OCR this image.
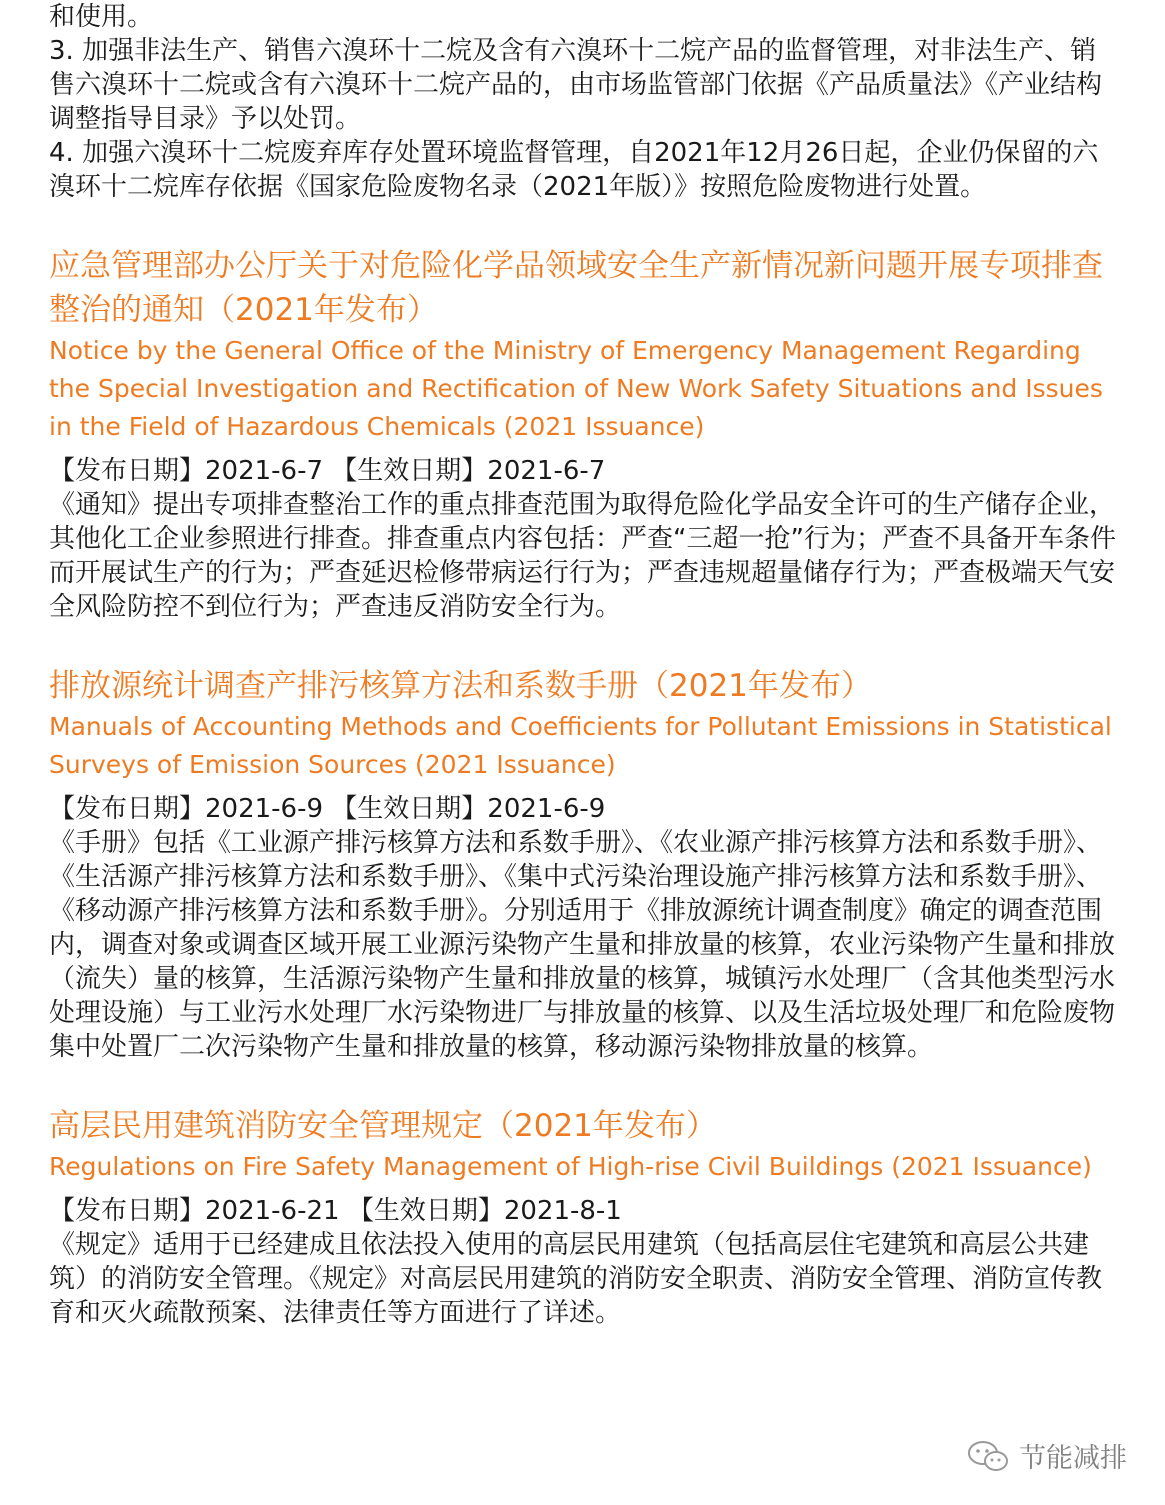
和使用。

3. 加强非法生产、销售六溴环十二烷及含有六溴环十二烷产品的监督管理，对非法生产、销售六溴环十二烷或含有六溴环十二烷产品的，由市场监管部门依据《产品质量法》《产业结构调整指导目录》予以处罚。

4. 加强六溴环十二烷废弃库存处置环境监督管理，自2021年12月26日起，企业仍保留的六溴环十二烷库存依据《国家危险废物名录（2021年版）》按照危险废物进行处置。

应急管理部办公厅关于对危险化学品领域安全生产新情况新问题开展专项排查整治的通知（2021年发布）
Notice by the General Office of the Ministry of Emergency Management Regarding the Special Investigation and Rectification of New Work Safety Situations and Issues in the Field of Hazardous Chemicals (2021 Issuance)

【发布日期】2021-6-7 【生效日期】2021-6-7

《通知》提出专项排查整治工作的重点排查范围为取得危险化学品安全许可的生产储存企业，其他化工企业参照进行排查。排查重点内容包括：严查“三超一抢”行为；严查不具备开车条件而开展试生产的行为；严查延迟检修带病运行行为；严查违规超量储存行为；严查极端天气安全风险防控不到位行为；严查违反消防安全行为。

排放源统计调查产排污核算方法和系数手册（2021年发布）
Manuals of Accounting Methods and Coefficients for Pollutant Emissions in Statistical Surveys of Emission Sources (2021 Issuance)

【发布日期】2021-6-9 【生效日期】2021-6-9

《手册》包括《工业源产排污核算方法和系数手册》、《农业源产排污核算方法和系数手册》、《生活源产排污核算方法和系数手册》、《集中式污染治理设施产排污核算方法和系数手册》、《移动源产排污核算方法和系数手册》。分别适用于《排放源统计调查制度》确定的调查范围内，调查对象或调查区域开展工业源污染物产生量和排放量的核算，农业污染物产生量和排放（流失）量的核算，生活源污染物产生量和排放量的核算，城镇污水处理厂（含其他类型污水处理设施）与工业污水处理厂水污染物进厂与排放量的核算、以及生活垃圾处理厂和危险废物集中处置厂二次污染物产生量和排放量的核算，移动源污染物排放量的核算。

高层民用建筑消防安全管理规定（2021年发布）
Regulations on Fire Safety Management of High-rise Civil Buildings (2021 Issuance)

【发布日期】2021-6-21 【生效日期】2021-8-1

《规定》适用于已经建成且依法投入使用的高层民用建筑（包括高层住宅建筑和高层公共建筑）的消防安全管理。《规定》对高层民用建筑的消防安全职责、消防安全管理、消防宣传教育和灭火疏散预案、法律责任等方面进行了详述。

节能减排
